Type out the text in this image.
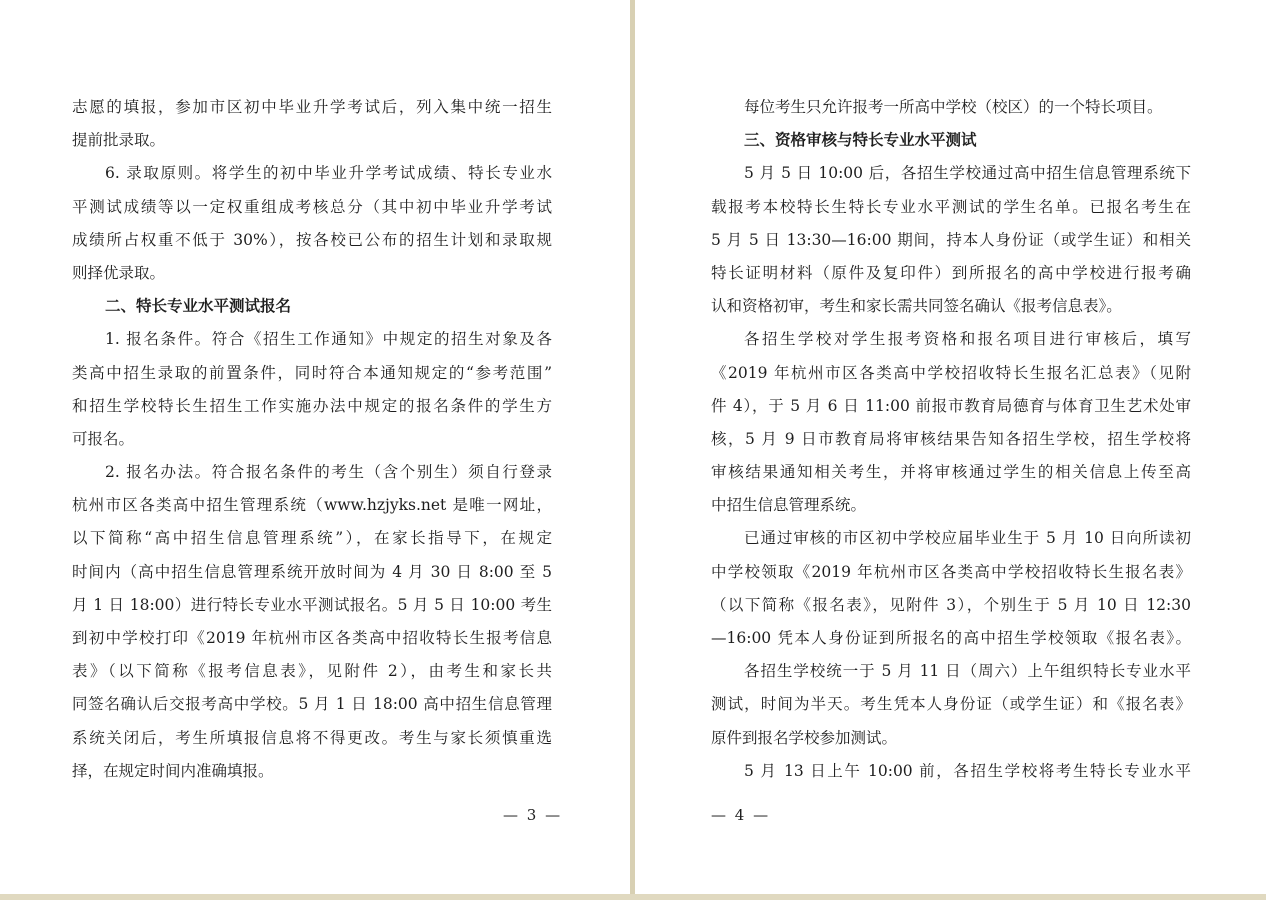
志愿的填报，参加市区初中毕业升学考试后，列入集中统一招生
提前批录取。
6. 录取原则。将学生的初中毕业升学考试成绩、特长专业水
平测试成绩等以一定权重组成考核总分（其中初中毕业升学考试
成绩所占权重不低于 30%），按各校已公布的招生计划和录取规
则择优录取。
二、特长专业水平测试报名
1. 报名条件。符合《招生工作通知》中规定的招生对象及各
类高中招生录取的前置条件，同时符合本通知规定的“参考范围”
和招生学校特长生招生工作实施办法中规定的报名条件的学生方
可报名。
2. 报名办法。符合报名条件的考生（含个别生）须自行登录
杭州市区各类高中招生管理系统（www.hzjyks.net 是唯一网址，
以下简称“高中招生信息管理系统”），在家长指导下，在规定
时间内（高中招生信息管理系统开放时间为 4 月 30 日 8:00 至 5
月 1 日 18:00）进行特长专业水平测试报名。5 月 5 日 10:00 考生
到初中学校打印《2019 年杭州市区各类高中招收特长生报考信息
表》（以下简称《报考信息表》，见附件 2），由考生和家长共
同签名确认后交报考高中学校。5 月 1 日 18:00 高中招生信息管理
系统关闭后，考生所填报信息将不得更改。考生与家长须慎重选
择，在规定时间内准确填报。
— 3 —
每位考生只允许报考一所高中学校（校区）的一个特长项目。
三、资格审核与特长专业水平测试
5 月 5 日 10:00 后，各招生学校通过高中招生信息管理系统下
载报考本校特长生特长专业水平测试的学生名单。已报名考生在
5 月 5 日 13:30—16:00 期间，持本人身份证（或学生证）和相关
特长证明材料（原件及复印件）到所报名的高中学校进行报考确
认和资格初审，考生和家长需共同签名确认《报考信息表》。
各招生学校对学生报考资格和报名项目进行审核后，填写
《2019 年杭州市区各类高中学校招收特长生报名汇总表》（见附
件 4），于 5 月 6 日 11:00 前报市教育局德育与体育卫生艺术处审
核，5 月 9 日市教育局将审核结果告知各招生学校，招生学校将
审核结果通知相关考生，并将审核通过学生的相关信息上传至高
中招生信息管理系统。
已通过审核的市区初中学校应届毕业生于 5 月 10 日向所读初
中学校领取《2019 年杭州市区各类高中学校招收特长生报名表》
（以下简称《报名表》，见附件 3），个别生于 5 月 10 日 12:30
—16:00 凭本人身份证到所报名的高中招生学校领取《报名表》。
各招生学校统一于 5 月 11 日（周六）上午组织特长专业水平
测试，时间为半天。考生凭本人身份证（或学生证）和《报名表》
原件到报名学校参加测试。
5 月 13 日上午 10:00 前，各招生学校将考生特长专业水平
— 4 —
